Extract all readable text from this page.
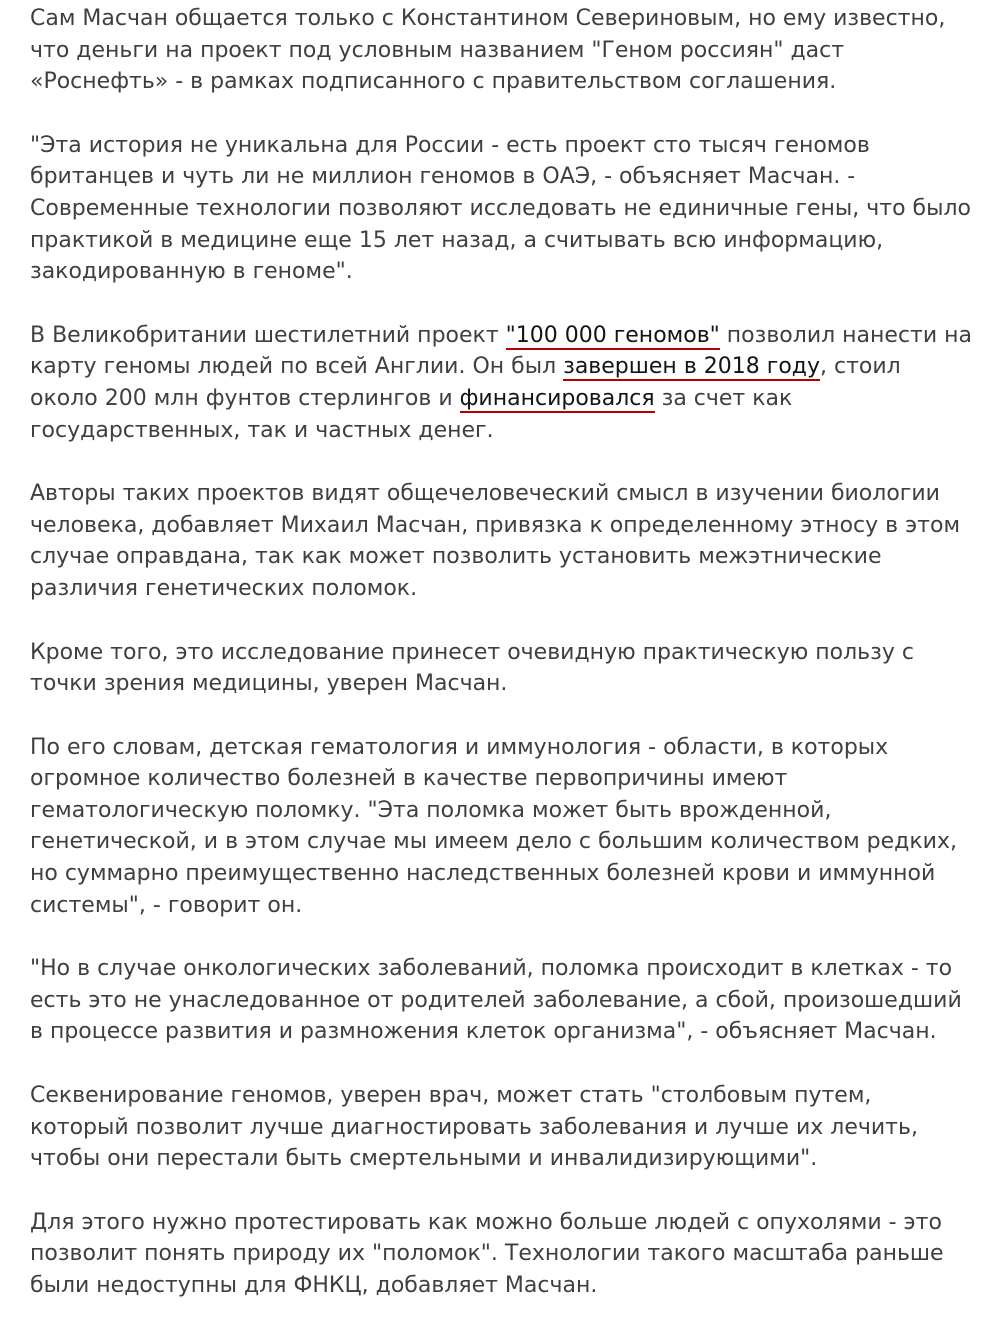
Сам Масчан общается только с Константином Севериновым, но ему известно, что деньги на проект под условным названием "Геном россиян" даст «Роснефть» - в рамках подписанного с правительством соглашения.

"Эта история не уникальна для России - есть проект сто тысяч геномов британцев и чуть ли не миллион геномов в ОАЭ, - объясняет Масчан. - Современные технологии позволяют исследовать не единичные гены, что было практикой в медицине еще 15 лет назад, а считывать всю информацию, закодированную в геноме".

В Великобритании шестилетний проект "100 000 геномов" позволил нанести на карту геномы людей по всей Англии. Он был завершен в 2018 году, стоил около 200 млн фунтов стерлингов и финансировался за счет как государственных, так и частных денег.

Авторы таких проектов видят общечеловеческий смысл в изучении биологии человека, добавляет Михаил Масчан, привязка к определенному этносу в этом случае оправдана, так как может позволить установить межэтнические различия генетических поломок.

Кроме того, это исследование принесет очевидную практическую пользу с точки зрения медицины, уверен Масчан.

По его словам, детская гематология и иммунология - области, в которых огромное количество болезней в качестве первопричины имеют гематологическую поломку. "Эта поломка может быть врожденной, генетической, и в этом случае мы имеем дело с большим количеством редких, но суммарно преимущественно наследственных болезней крови и иммунной системы", - говорит он.

"Но в случае онкологических заболеваний, поломка происходит в клетках - то есть это не унаследованное от родителей заболевание, а сбой, произошедший в процессе развития и размножения клеток организма", - объясняет Масчан.

Секвенирование геномов, уверен врач, может стать "столбовым путем, который позволит лучше диагностировать заболевания и лучше их лечить, чтобы они перестали быть смертельными и инвалидизирующими".

Для этого нужно протестировать как можно больше людей с опухолями - это позволит понять природу их "поломок". Технологии такого масштаба раньше были недоступны для ФНКЦ, добавляет Масчан.
